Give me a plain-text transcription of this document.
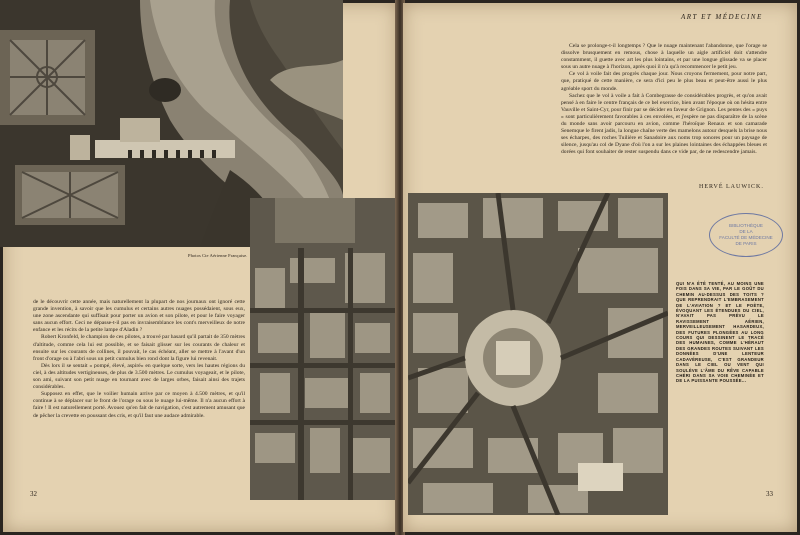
Photos Cie Aérienne Française.

de le découvrir cette année, mais naturellement la plupart de nos journaux ont ignoré cette grande invention, à savoir que les cumulus et certains autres nuages possédaient, sous eux, une zone ascendante qui suffisait pour porter un avion et son pilote, et pour le faire voyager sans aucun effort. Ceci ne dépasse-t-il pas en invraisemblance les cont's merveilleux de notre enfance et les récits de la petite lampe d'Aladin ?

Robert Kronfeld, le champion de ces pilotes, a trouvé par hasard qu'il partait de 350 mètres d'altitude, comme cela lui est possible, et se faisait glisser sur les courants de chaleur et ensuite sur les courants de collines, il pouvait, le cas échéant, aller se mettre à l'avant d'un front d'orage ou à l'abri sous un petit cumulus bien rond dont la figure lui revenait.

Dès lors il se sentait « pompé, élevé, aspiré» en quelque sorte, vers les hautes régions du ciel, à des altitudes vertigineuses, de plus de 3.500 mètres. Le cumulus voyageait, et le pilote, son ami, suivant son petit nuage en tournant avec de larges orbes, faisait ainsi des trajets considérables.

Supposez en effet, que le voilier humain arrive par ce moyen à 4.500 mètres, et qu'il continue à se déplacer sur le front de l'orage ou sous le nuage lui-même. Il n'a aucun effort à faire ! Il est naturellement porté. Avouez qu'en fait de navigation, c'est autrement amusant que de pêcher la crevette en poussant des cris, et qu'il faut une audace admirable.

32
ART ET MÉDECINE

Cela se prolonge-t-il longtemps ? Que le nuage maintenant l'abandonne, que l'orage se dissolve brusquement en remous, chose à laquelle un aigle artificiel doit s'attendre constamment, il guette avec art les plus lointains, et par une longue glissade va se placer sous un autre nuage à l'horizon, après quoi il n'a qu'à recommencer le petit jeu.

Ce vol à voile fait des progrès chaque jour. Nous croyons fermement, pour notre part, que, pratiqué de cette manière, ce sera d'ici peu le plus beau et peut-être aussi le plus agréable sport du monde.

Sachez que le vol à voile a fait à Combegrasse de considérables progrès, et qu'on avait pensé à en faire le centre français de ce bel exercice, bien avant l'époque où on hésita entre Vauville et Saint-Cyr, pour finir par se décider en faveur de Grignon. Les pentes des « puys » sont particulièrement favorables à ces envolées, et j'espère ne pas disparaître de la scène du monde sans avoir parcouru en avion, comme l'héroïque Renaux et son camarade Senemque le firent jadis, la longue chaîne verte des mamelons autour desquels la brise nous ses écharpes, des roches Tuilière et Sanadoire aux noms trop sonores pour un paysage de silence, jusqu'au col de Dyane d'où l'on a sur les plaines lointaines des échappées bleues et dorées qui font souhaiter de rester suspendu dans ce vide par, de ne redescendre jamais.

HERVÉ LAUWICK.
BIBLIOTHÈQUE
DE LA
FACULTÉ DE MÉDECINE
DE PARIS
QUI N'A ÉTÉ TENTÉ, AU MOINS UNE FOIS DANS SA VIE, PAR LE GOÛT DU CHEMIN AU-DESSUS DES TOITS ? QUE REPRENDRAIT L'EMBRASEMENT DE L'AVIATION ? ET LE POÈTE, ÉVOQUANT LES ÉTENDUES DU CIEL, N'AVAIT PAS PRÉVU LE RAVISSEMENT AÉRIEN, MERVEILLEUSEMENT HASARDEUX, DES FUTURES PLONGÉES AU LONG COURS QUI DESSINENT LE TRACÉ DES HUMAINES, COMME L'HÉRAUT DES GRANDES ROUTES SUIVANT LES DONNÉES D'UNE LENTEUR CADAVÉREUSE, C'EST GRANDEUR DANS LE CIEL OU VENT QUI SOULÈVE L'ÂME DU RÊVE CAPABLE CHÉRI DANS SA VOIE CHEMINÉE ET DE LA PUISSANTE POUSSÉE...
33
